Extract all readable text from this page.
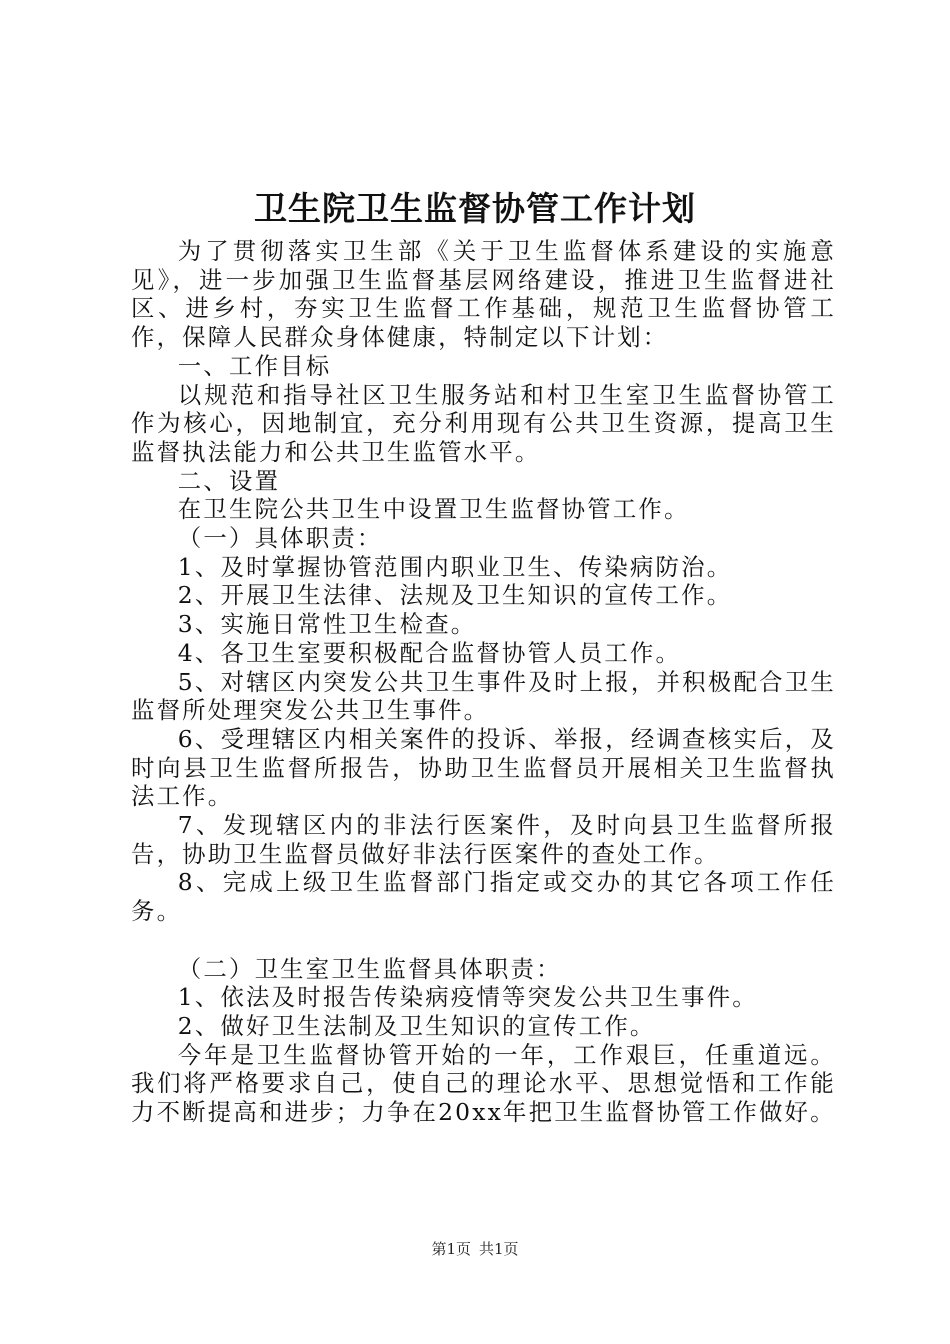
卫生院卫生监督协管工作计划

为了贯彻落实卫生部《关于卫生监督体系建设的实施意见》，进一步加强卫生监督基层网络建设，推进卫生监督进社区、进乡村，夯实卫生监督工作基础，规范卫生监督协管工作，保障人民群众身体健康，特制定以下计划：

一、工作目标

以规范和指导社区卫生服务站和村卫生室卫生监督协管工作为核心，因地制宜，充分利用现有公共卫生资源，提高卫生监督执法能力和公共卫生监管水平。

二、设置

在卫生院公共卫生中设置卫生监督协管工作。

（一）具体职责：

1、及时掌握协管范围内职业卫生、传染病防治。

2、开展卫生法律、法规及卫生知识的宣传工作。

3、实施日常性卫生检查。

4、各卫生室要积极配合监督协管人员工作。

5、对辖区内突发公共卫生事件及时上报，并积极配合卫生监督所处理突发公共卫生事件。

6、受理辖区内相关案件的投诉、举报，经调查核实后，及时向县卫生监督所报告，协助卫生监督员开展相关卫生监督执法工作。

7、发现辖区内的非法行医案件，及时向县卫生监督所报告，协助卫生监督员做好非法行医案件的查处工作。

8、完成上级卫生监督部门指定或交办的其它各项工作任务。

（二）卫生室卫生监督具体职责：

1、依法及时报告传染病疫情等突发公共卫生事件。

2、做好卫生法制及卫生知识的宣传工作。

今年是卫生监督协管开始的一年，工作艰巨，任重道远。我们将严格要求自己，使自己的理论水平、思想觉悟和工作能力不断提高和进步；力争在20xx年把卫生监督协管工作做好。

第1页 共1页
